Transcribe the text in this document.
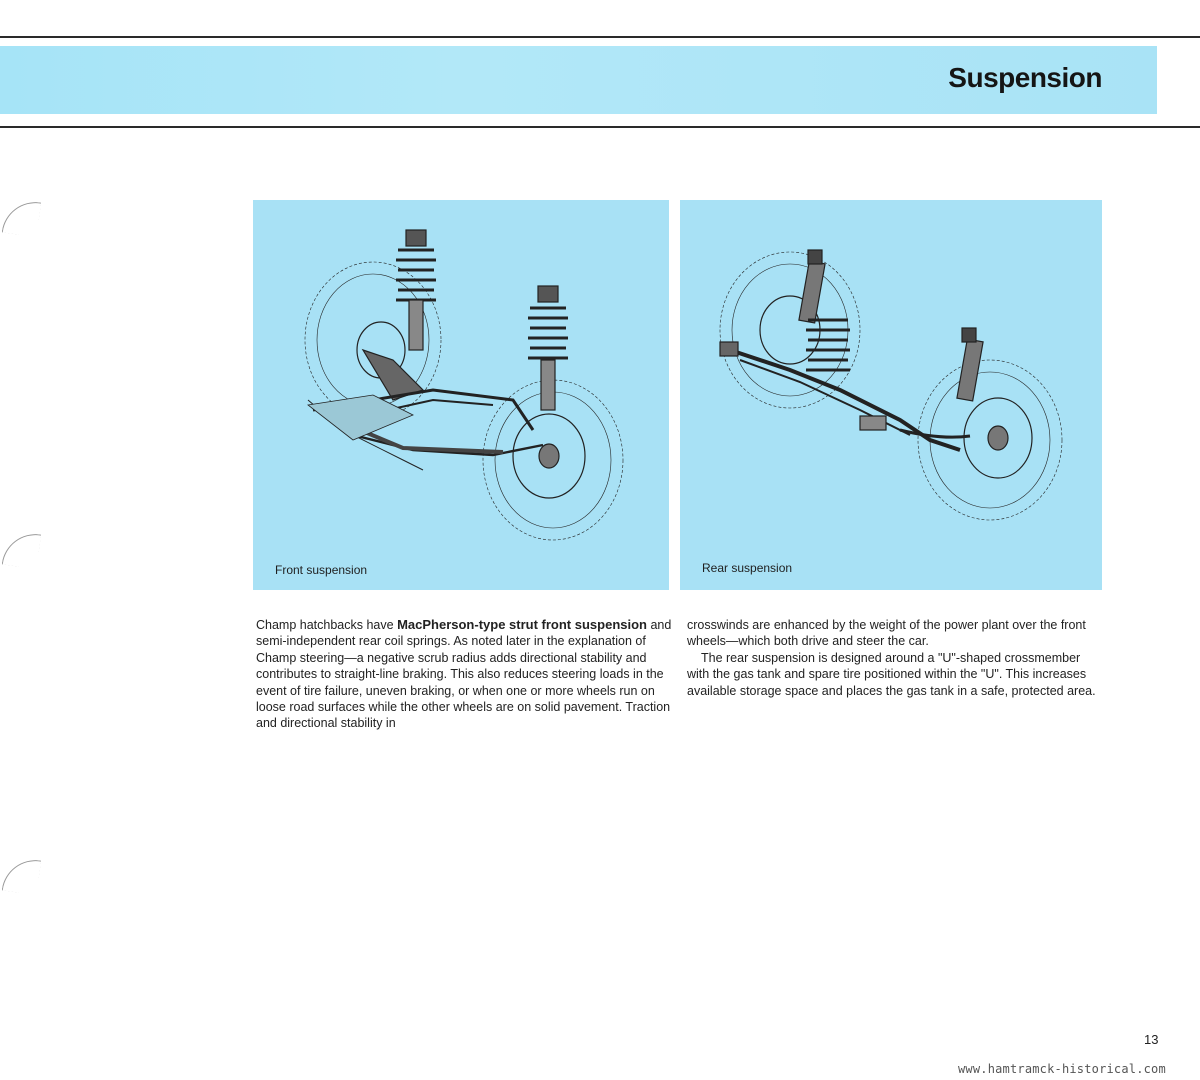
Suspension
Front suspension	Rear suspension

Champ hatchbacks have MacPherson-type strut front suspension and semi-independent rear coil springs. As noted later in the explanation of Champ steering—a negative scrub radius adds directional stability and contributes to straight-line braking. This also reduces steering loads in the event of tire failure, uneven braking, or when one or more wheels run on loose road surfaces while the other wheels are on solid pavement. Traction and directional stability in

crosswinds are enhanced by the weight of the power plant over the front wheels—which both drive and steer the car.

The rear suspension is designed around a "U"-shaped crossmember with the gas tank and spare tire positioned within the "U". This increases available storage space and places the gas tank in a safe, protected area.

13
www.hamtramck-historical.com
